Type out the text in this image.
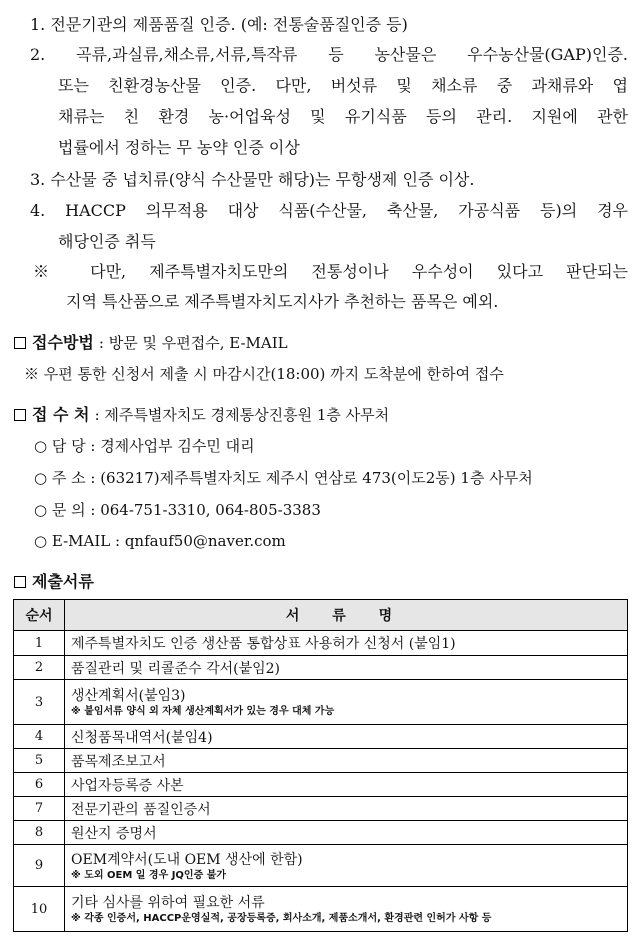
1. 전문기관의 제품품질 인증. (예: 전통술품질인증 등)
2. 곡류,과실류,채소류,서류,특작류 등 농산물은 우수농산물(GAP)인증.
또는 친환경농산물 인증. 다만, 버섯류 및 채소류 중 과채류와 엽
채류는 친 환경 농·어업육성 및 유기식품 등의 관리. 지원에 관한
법률에서 정하는 무 농약 인증 이상
3. 수산물 중 넙치류(양식 수산물만 해당)는 무항생제 인증 이상.
4. HACCP 의무적용 대상 식품(수산물, 축산물, 가공식품 등)의 경우
해당인증 취득
※ 다만, 제주특별자치도만의 전통성이나 우수성이 있다고 판단되는
지역 특산품으로 제주특별자치도지사가 추천하는 품목은 예외.
접수방법 : 방문 및 우편접수, E-MAIL
※ 우편 통한 신청서 제출 시 마감시간(18:00) 까지 도착분에 한하여 접수
접 수 처 : 제주특별자치도 경제통상진흥원 1층 사무처
○ 담 당 : 경제사업부 김수민 대리
○ 주 소 : (63217)제주특별자치도 제주시 연삼로 473(이도2동) 1층 사무처
○ 문 의 : 064-751-3310, 064-805-3383
○ E-MAIL : qnfauf50@naver.com
제출서류
순서	서 류 명
1	제주특별자치도 인증 생산품 통합상표 사용허가 신청서 (붙임1)
2	품질관리 및 리콜준수 각서(붙임2)
3	생산계획서(붙임3)
※ 붙임서류 양식 외 자체 생산계획서가 있는 경우 대체 가능

4	신청품목내역서(붙임4)
5	품목제조보고서
6	사업자등록증 사본
7	전문기관의 품질인증서
8	원산지 증명서
9	OEM계약서(도내 OEM 생산에 한함)
※ 도외 OEM 일 경우 JQ인증 불가

10	기타 심사를 위하여 필요한 서류
※ 각종 인증서, HACCP운영실적, 공장등록증, 회사소개, 제품소개서, 환경관련 인허가 사항 등
